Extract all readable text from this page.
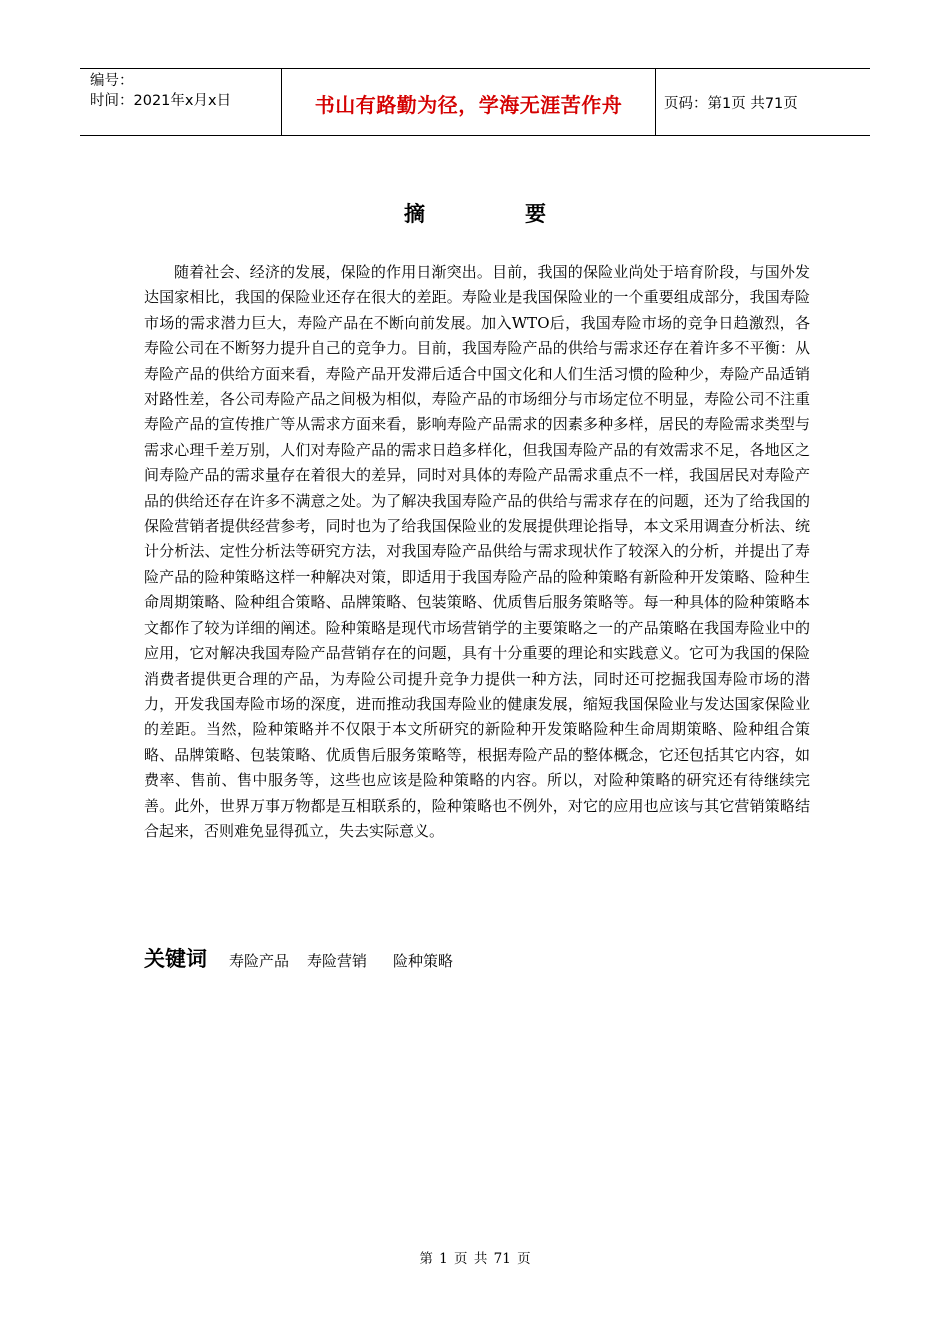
编号：
时间：2021年x月x日	书山有路勤为径，学海无涯苦作舟	页码：第1页 共71页
摘	要

随着社会、经济的发展，保险的作用日渐突出。目前，我国的保险业尚处于培育阶段，与国外发达国家相比，我国的保险业还存在很大的差距。寿险业是我国保险业的一个重要组成部分，我国寿险市场的需求潜力巨大，寿险产品在不断向前发展。加入WTO后，我国寿险市场的竞争日趋激烈，各寿险公司在不断努力提升自己的竞争力。目前，我国寿险产品的供给与需求还存在着许多不平衡：从寿险产品的供给方面来看，寿险产品开发滞后适合中国文化和人们生活习惯的险种少，寿险产品适销对路性差，各公司寿险产品之间极为相似，寿险产品的市场细分与市场定位不明显，寿险公司不注重寿险产品的宣传推广等从需求方面来看，影响寿险产品需求的因素多种多样，居民的寿险需求类型与需求心理千差万别，人们对寿险产品的需求日趋多样化，但我国寿险产品的有效需求不足，各地区之间寿险产品的需求量存在着很大的差异，同时对具体的寿险产品需求重点不一样，我国居民对寿险产品的供给还存在许多不满意之处。为了解决我国寿险产品的供给与需求存在的问题，还为了给我国的保险营销者提供经营参考，同时也为了给我国保险业的发展提供理论指导，本文采用调查分析法、统计分析法、定性分析法等研究方法，对我国寿险产品供给与需求现状作了较深入的分析，并提出了寿险产品的险种策略这样一种解决对策，即适用于我国寿险产品的险种策略有新险种开发策略、险种生命周期策略、险种组合策略、品牌策略、包装策略、优质售后服务策略等。每一种具体的险种策略本文都作了较为详细的阐述。险种策略是现代市场营销学的主要策略之一的产品策略在我国寿险业中的应用，它对解决我国寿险产品营销存在的问题，具有十分重要的理论和实践意义。它可为我国的保险消费者提供更合理的产品，为寿险公司提升竞争力提供一种方法，同时还可挖掘我国寿险市场的潜力，开发我国寿险市场的深度，进而推动我国寿险业的健康发展，缩短我国保险业与发达国家保险业的差距。当然，险种策略并不仅限于本文所研究的新险种开发策略险种生命周期策略、险种组合策略、品牌策略、包装策略、优质售后服务策略等，根据寿险产品的整体概念，它还包括其它内容，如费率、售前、售中服务等，这些也应该是险种策略的内容。所以，对险种策略的研究还有待继续完善。此外，世界万事万物都是互相联系的，险种策略也不例外，对它的应用也应该与其它营销策略结合起来，否则难免显得孤立，失去实际意义。

关键词 寿险产品 寿险营销 险种策略
第 1 页 共 71 页
